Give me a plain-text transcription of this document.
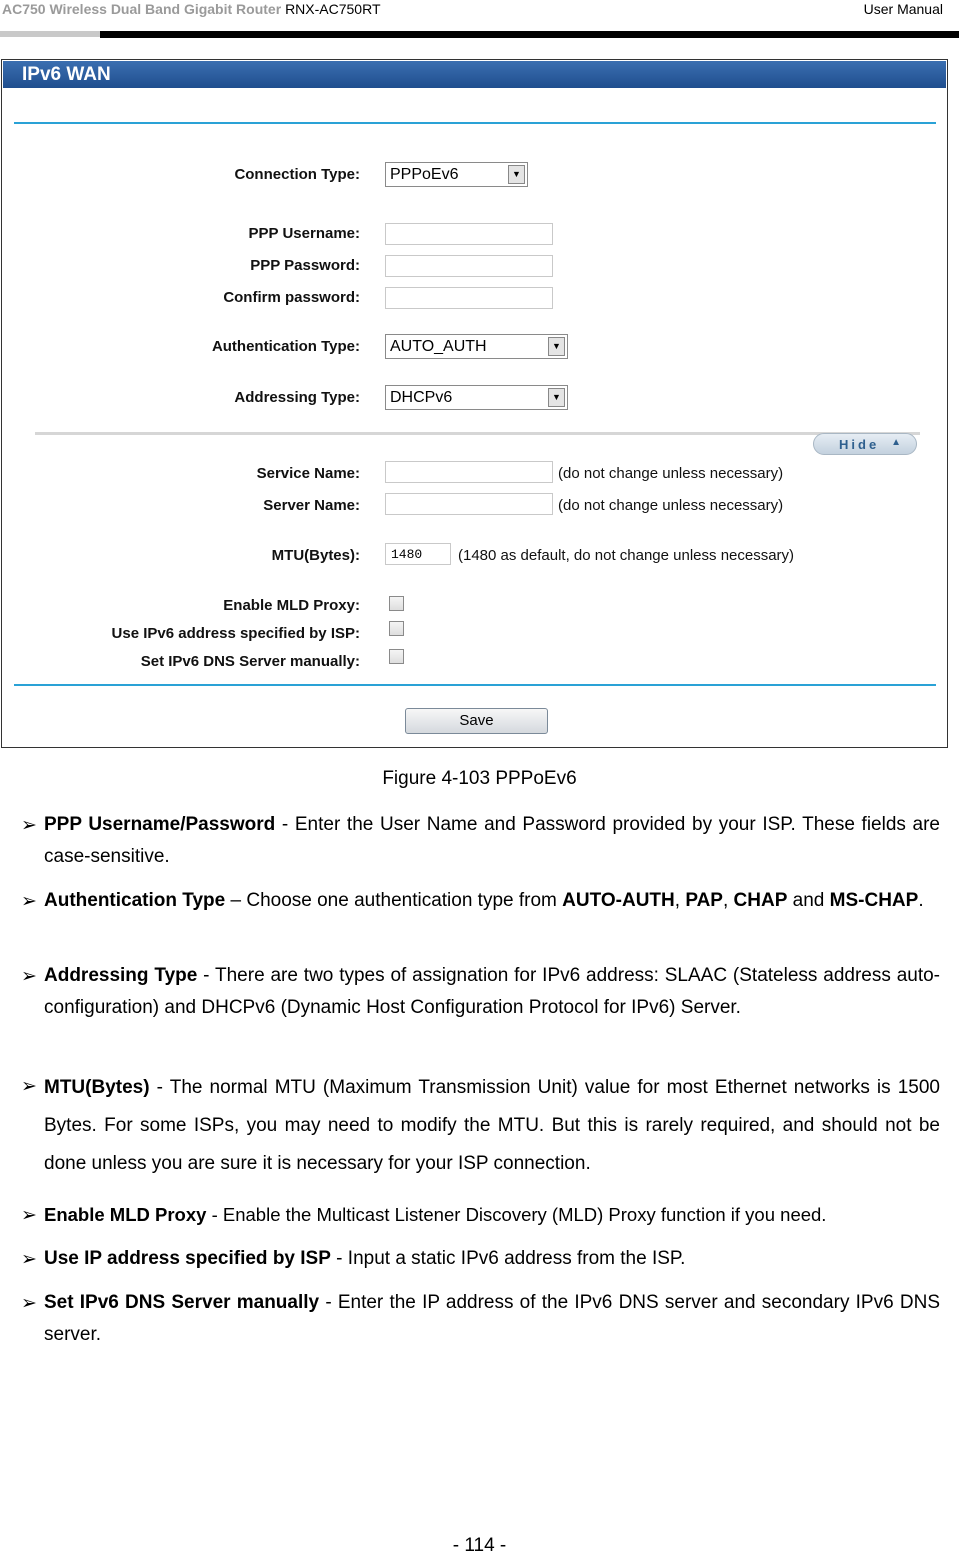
AC750 Wireless Dual Band Gigabit Router RNX-AC750RT	User Manual
IPv6 WAN
Connection Type: PPPoEv6	▼
PPP Username:
PPP Password:
Confirm password:
Authentication Type: AUTO_AUTH	▼
Addressing Type: DHCPv6	▼
Hide ▲
Service Name:	(do not change unless necessary)
Server Name:	(do not change unless necessary)
MTU(Bytes):	1480	(1480 as default, do not change unless necessary)
Enable MLD Proxy:
Use IPv6 address specified by ISP:
Set IPv6 DNS Server manually:
Save
Figure 4-103 PPPoEv6
➢ PPP Username/Password - Enter the User Name and Password provided by your ISP. These fields are case-sensitive.
➢ Authentication Type – Choose one authentication type from AUTO-AUTH, PAP, CHAP and MS-CHAP.
➢ Addressing Type - There are two types of assignation for IPv6 address: SLAAC (Stateless address auto-configuration) and DHCPv6 (Dynamic Host Configuration Protocol for IPv6) Server.
➢ MTU(Bytes) - The normal MTU (Maximum Transmission Unit) value for most Ethernet networks is 1500 Bytes. For some ISPs, you may need to modify the MTU. But this is rarely required, and should not be done unless you are sure it is necessary for your ISP connection.
➢ Enable MLD Proxy - Enable the Multicast Listener Discovery (MLD) Proxy function if you need.
➢ Use IP address specified by ISP - Input a static IPv6 address from the ISP.
➢ Set IPv6 DNS Server manually - Enter the IP address of the IPv6 DNS server and secondary IPv6 DNS server.
- 114 -
